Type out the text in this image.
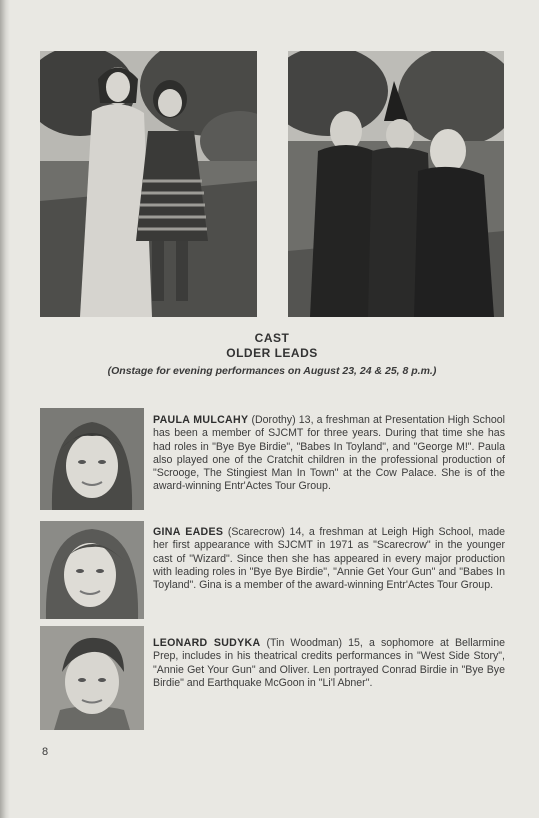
CAST
OLDER LEADS
(Onstage for evening performances on August 23, 24 & 25, 8 p.m.)
PAULA MULCAHY (Dorothy) 13, a freshman at Presentation High School has been a member of SJCMT for three years. During that time she has had roles in "Bye Bye Birdie", "Babes In Toyland", and "George M!". Paula also played one of the Cratchit children in the professional production of "Scrooge, The Stingiest Man In Town" at the Cow Palace. She is of the award-winning Entr'Actes Tour Group.
GINA EADES (Scarecrow) 14, a freshman at Leigh High School, made her first appearance with SJCMT in 1971 as "Scarecrow" in the younger cast of "Wizard". Since then she has appeared in every major production with leading roles in "Bye Bye Birdie", "Annie Get Your Gun" and "Babes In Toyland". Gina is a member of the award-winning Entr'Actes Tour Group.
LEONARD SUDYKA (Tin Woodman) 15, a sophomore at Bellarmine Prep, includes in his theatrical credits performances in "West Side Story", "Annie Get Your Gun" and Oliver. Len portrayed Conrad Birdie in "Bye Bye Birdie" and Earthquake McGoon in "Li'l Abner".
8
